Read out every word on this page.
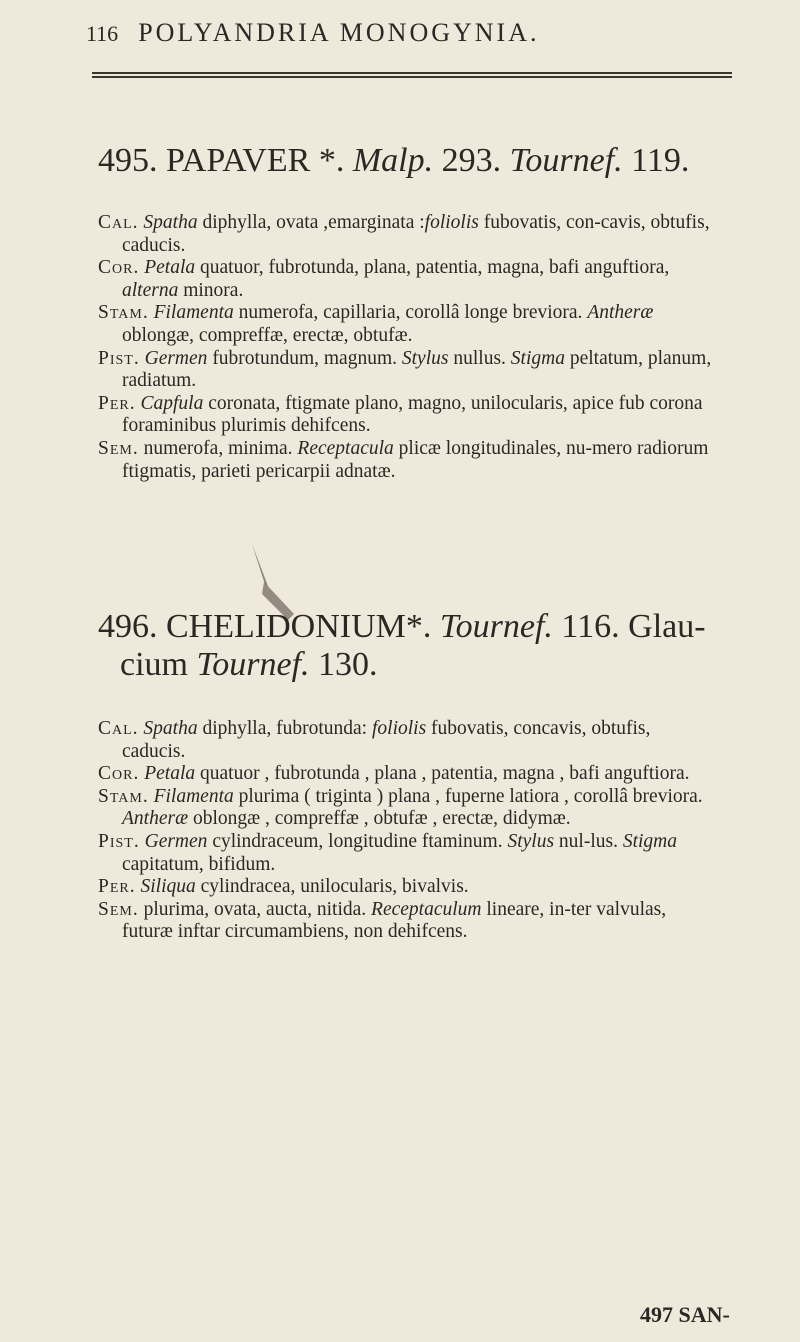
116 POLYANDRIA MONOGYNIA.
495. PAPAVER *. Malp. 293. Tournef. 119.

Cal. Spatha diphylla, ovata ,emarginata :foliolis fubovatis, con-cavis, obtufis, caducis.

Cor. Petala quatuor, fubrotunda, plana, patentia, magna, bafi anguftiora, alterna minora.

Stam. Filamenta numerofa, capillaria, corollâ longe breviora. Antheræ oblongæ, compreffæ, erectæ, obtufæ.

Pist. Germen fubrotundum, magnum. Stylus nullus. Stigma peltatum, planum, radiatum.

Per. Capfula coronata, ftigmate plano, magno, unilocularis, apice fub corona foraminibus plurimis dehifcens.

Sem. numerofa, minima. Receptacula plicæ longitudinales, nu-mero radiorum ftigmatis, parieti pericarpii adnatæ.

496. CHELIDONIUM*. Tournef. 116. Glau-
cium Tournef. 130.

Cal. Spatha diphylla, fubrotunda: foliolis fubovatis, concavis, obtufis, caducis.

Cor. Petala quatuor , fubrotunda , plana , patentia, magna , bafi anguftiora.

Stam. Filamenta plurima ( triginta ) plana , fuperne latiora , corollâ breviora. Antheræ oblongæ , compreffæ , obtufæ , erectæ, didymæ.

Pist. Germen cylindraceum, longitudine ftaminum. Stylus nul-lus. Stigma capitatum, bifidum.

Per. Siliqua cylindracea, unilocularis, bivalvis.

Sem. plurima, ovata, aucta, nitida. Receptaculum lineare, in-ter valvulas, futuræ inftar circumambiens, non dehifcens.

497 SAN-
